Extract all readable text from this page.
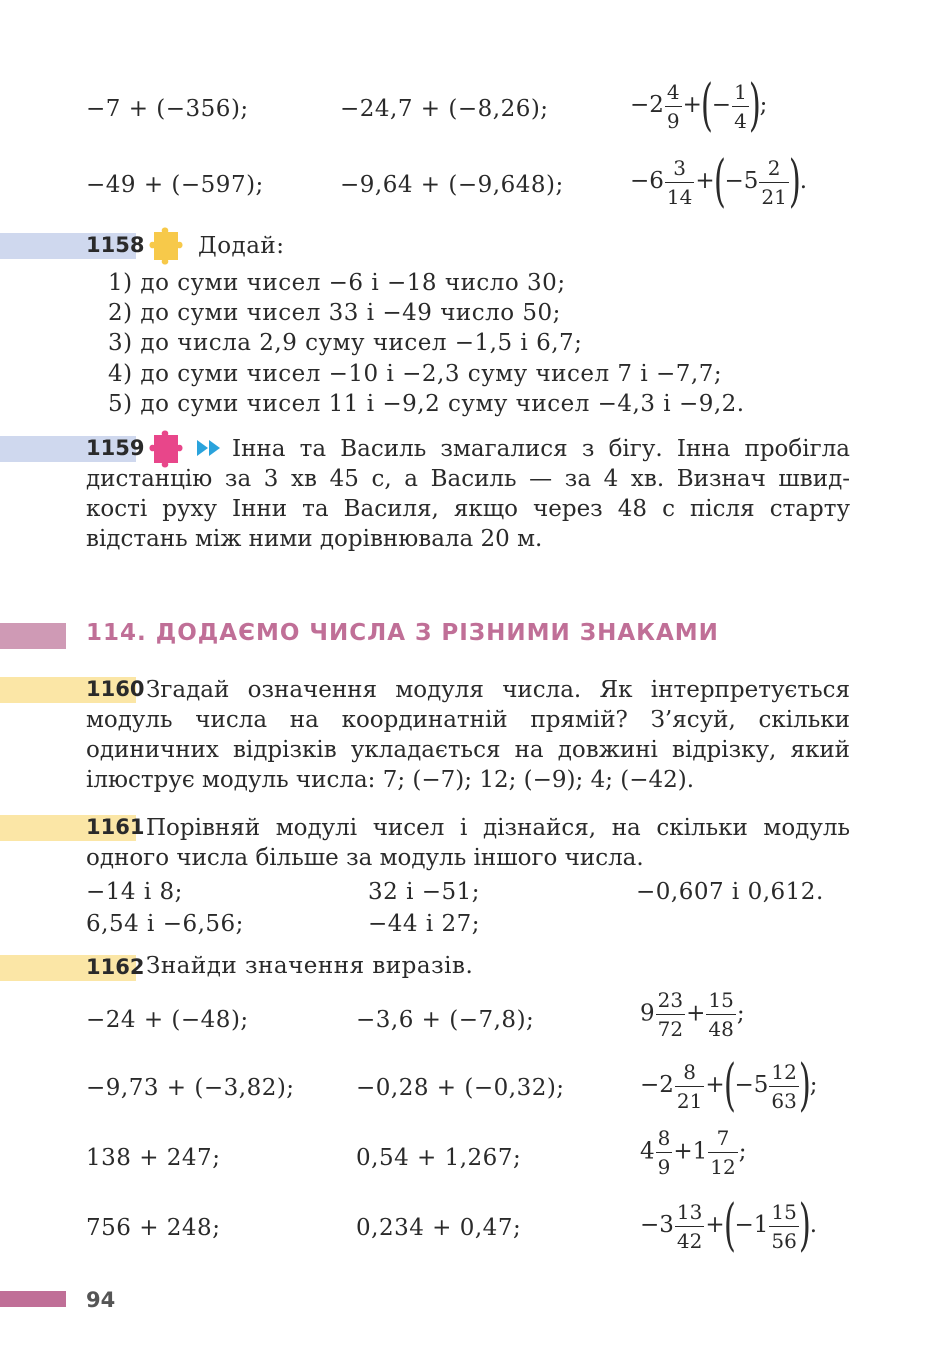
−7 + (−356);	−24,7 + (−8,26);	$-2 \frac{4}{9}$ +(− $\frac{1}{4}$ );
−49 + (−597);	−9,64 + (−9,648);	$-6 \frac{3}{14} +(-5 \frac{2}{21}$ ).
1158 Додай:
1) до суми чисел −6 і −18 число 30;
2) до суми чисел 33 і −49 число 50;
3) до числа 2,9 суму чисел −1,5 і 6,7;
4) до суми чисел −10 і −2,3 суму чисел 7 і −7,7;
5) до суми чисел 11 і −9,2 суму чисел −4,3 і −9,2.
1159	Інна та Василь змагалися з бігу. Інна пробігла
дистанцію за 3 хв 45 с, а Василь — за 4 хв. Визнач швид-
кості руху Інни та Василя, якщо через 48 с після старту
відстань між ними дорівнювала 20 м.
114. ДОДАЄМО ЧИСЛА З РІЗНИМИ ЗНАКАМИ
1160 Згадай означення модуля числа. Як інтерпретується
модуль числа на координатній прямій? З’ясуй, скільки
одиничних відрізків укладається на довжині відрізку, який
ілюструє модуль числа: 7; (−7); 12; (−9); 4; (−42).
1161 Порівняй модулі чисел і дізнайся, на скільки модуль
одного числа більше за модуль іншого числа.
−14 і 8;	32 і −51;	−0,607 і 0,612.
6,54 і −6,56;	−44 і 27;
1162 Знайди значення виразів.
−24 + (−48);	−3,6 + (−7,8);	$9 \frac{23}{72} + \frac{15}{48}$ ;
−9,73 + (−3,82);	−0,28 + (−0,32);	$-2 \frac{8}{21} +(-5 \frac{12}{63}$ );
138 + 247;	0,54 + 1,267;	$4 \frac{8}{9} +1 \frac{7}{12}$ ;
756 + 248;	0,234 + 0,47;	$-3 \frac{13}{42} +(-1 \frac{15}{56}$ ).
94
